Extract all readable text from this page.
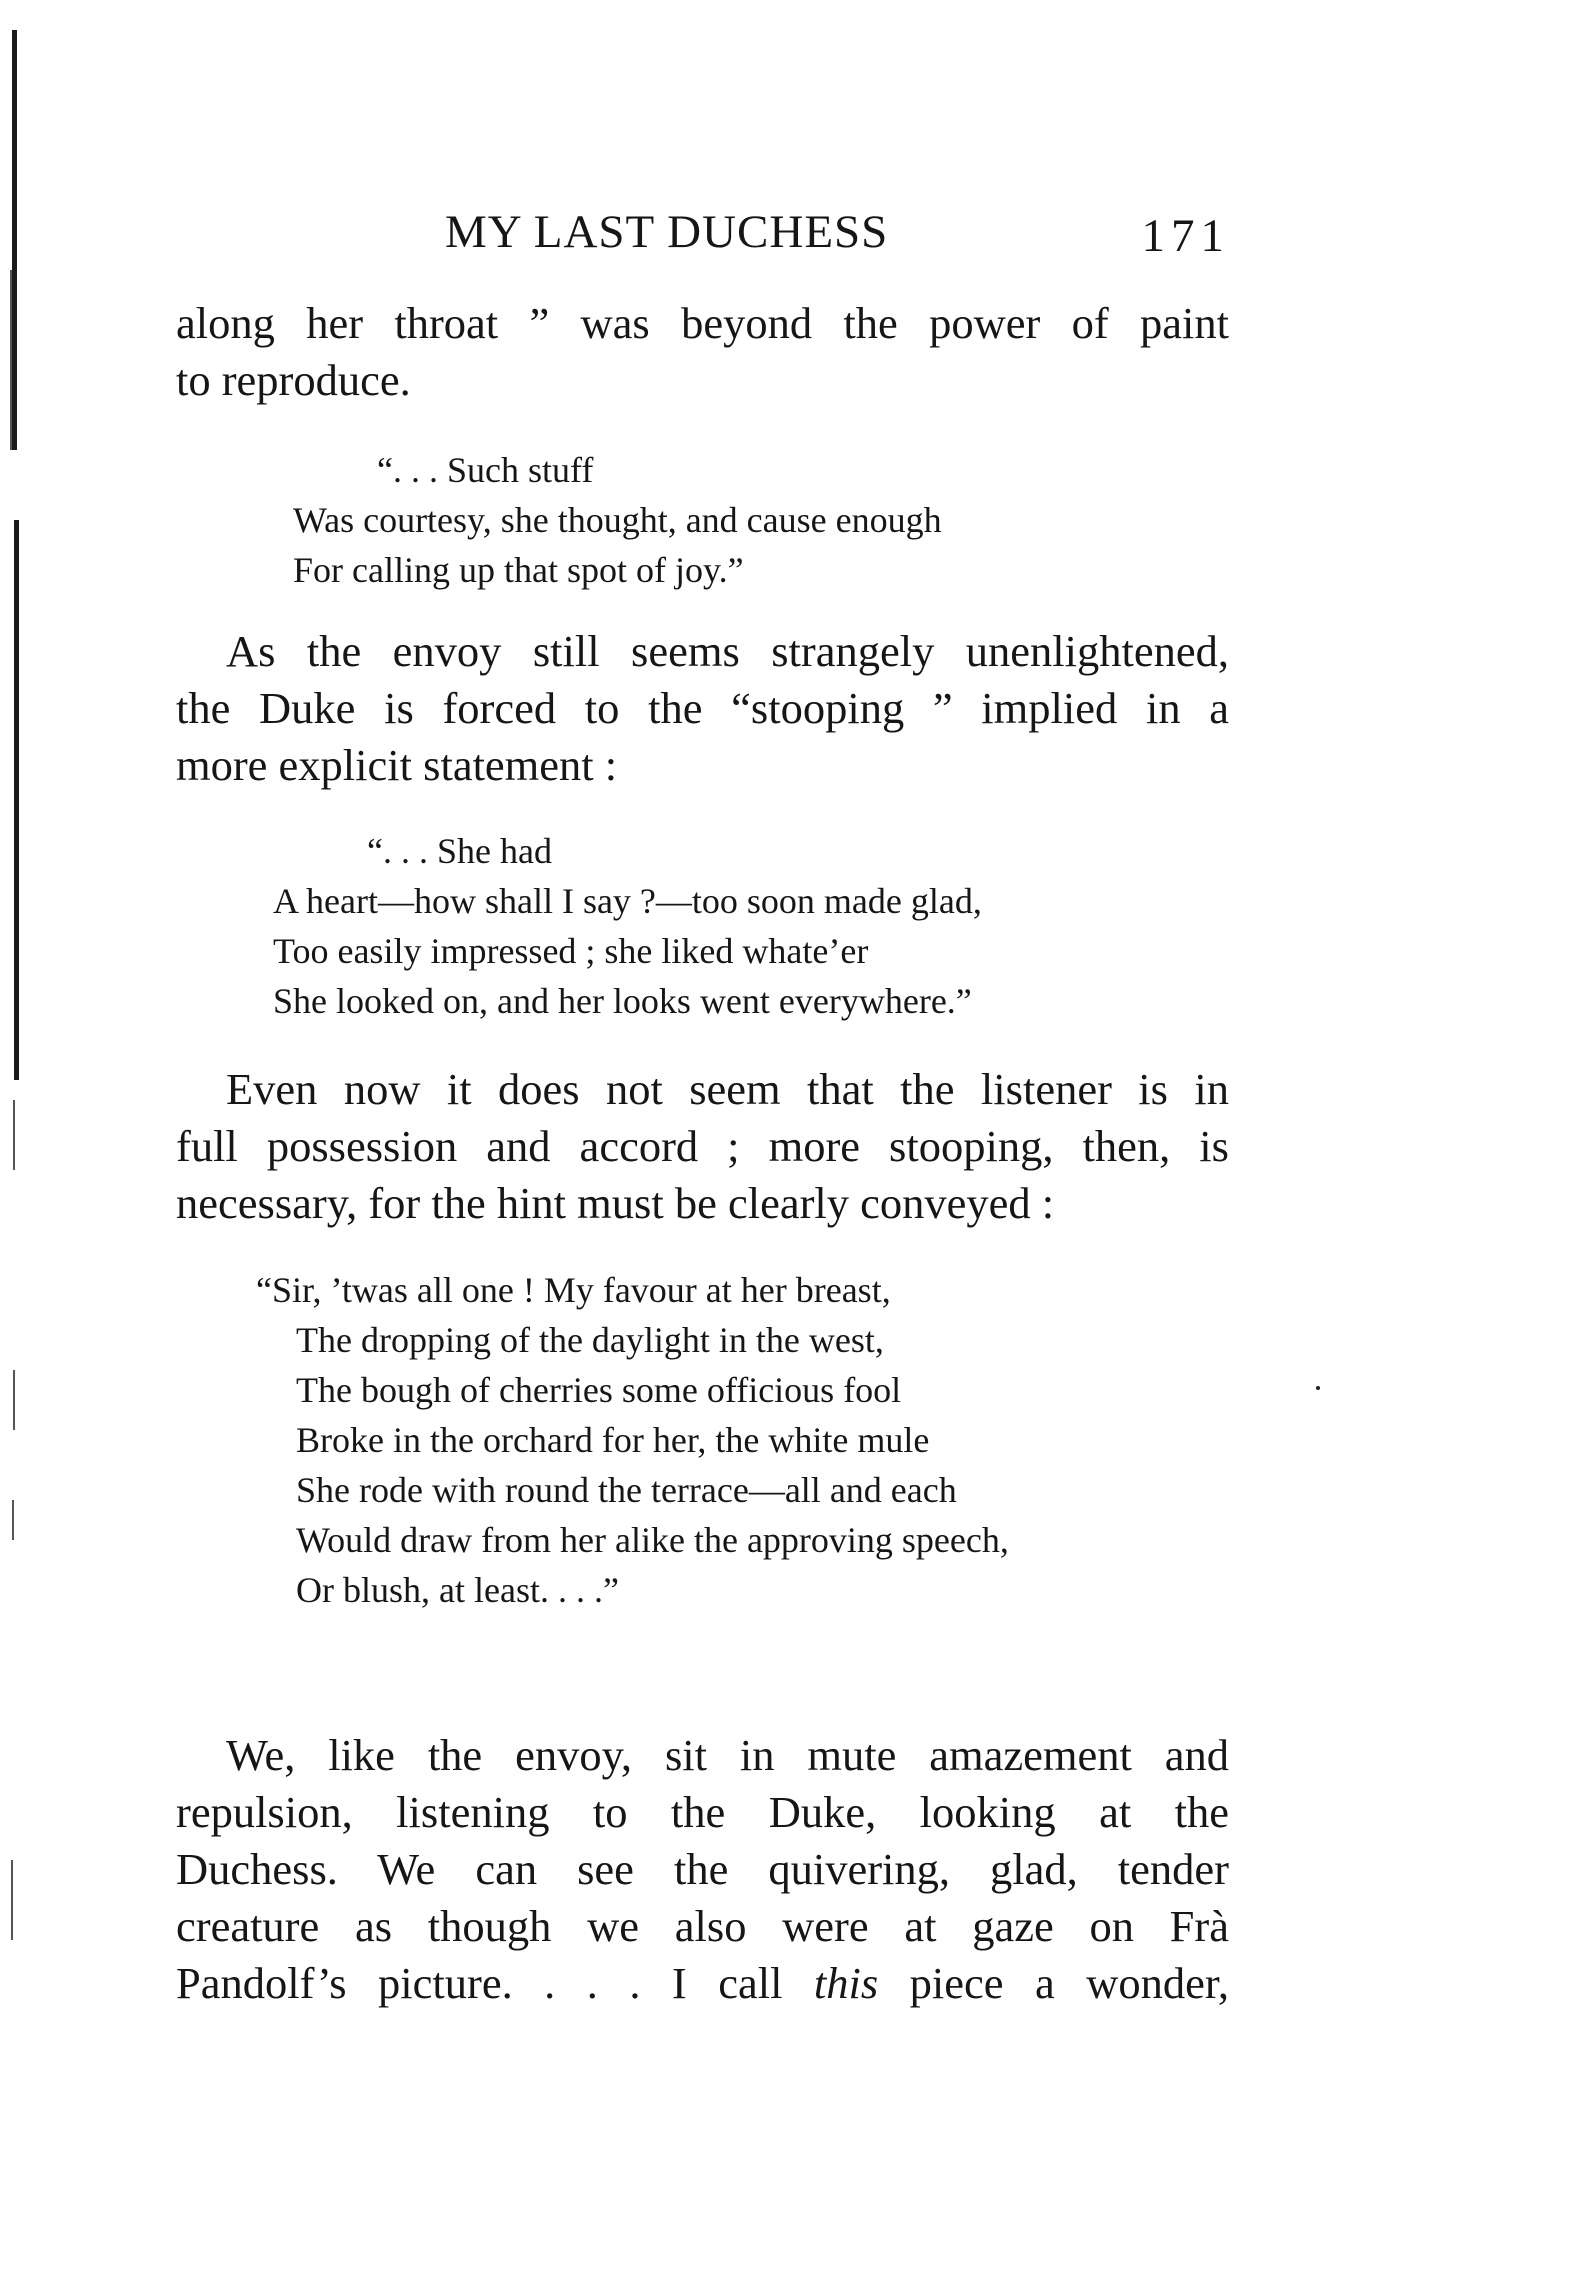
MY LAST DUCHESS	171
along her throat ” was beyond the power of paint
to reproduce.
“. . . Such stuff
Was courtesy, she thought, and cause enough
For calling up that spot of joy.”
As the envoy still seems strangely unenlightened,
the Duke is forced to the “stooping ” implied in a
more explicit statement :
“. . . She had
A heart—how shall I say ?—too soon made glad,
Too easily impressed ; she liked whate’er
She looked on, and her looks went everywhere.”
Even now it does not seem that the listener is in
full possession and accord ; more stooping, then, is
necessary, for the hint must be clearly conveyed :
“Sir, ’twas all one ! My favour at her breast,
The dropping of the daylight in the west,
The bough of cherries some officious fool
Broke in the orchard for her, the white mule
She rode with round the terrace—all and each
Would draw from her alike the approving speech,
Or blush, at least. . . .”
We, like the envoy, sit in mute amazement and
repulsion, listening to the Duke, looking at the
Duchess. We can see the quivering, glad, tender
creature as though we also were at gaze on Frà
Pandolf’s picture. . . . I call this piece a wonder,
